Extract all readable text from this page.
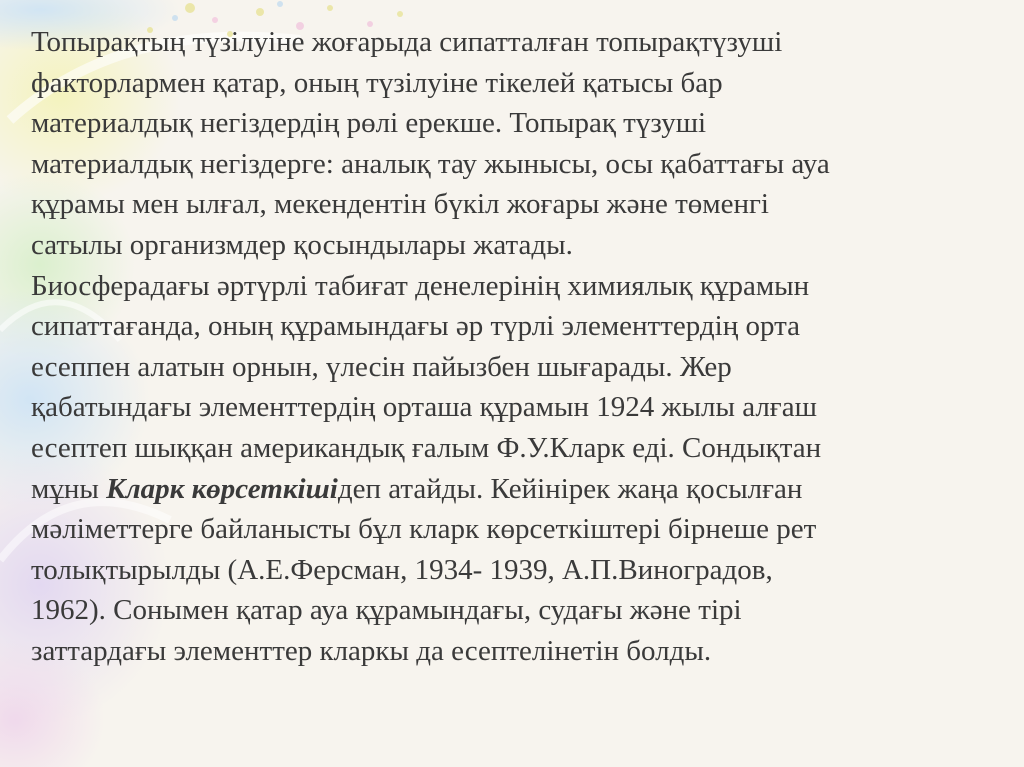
Топырақтың түзілуіне жоғарыда сипатталған топырақтүзуші
факторлармен қатар, оның түзілуіне тікелей қатысы бар
материалдық негіздердің рөлі ерекше. Топырақ түзуші
материалдық негіздерге: аналық тау жынысы, осы қабаттағы ауа
құрамы мен ылғал, мекендентін бүкіл жоғары және төменгі
сатылы организмдер қосындылары жатады.
Биосферадағы әртүрлі табиғат денелерінің химиялық құрамын
сипаттағанда, оның құрамындағы әр түрлі элементтердің орта
есеппен алатын орнын, үлесін пайызбен шығарады. Жер
қабатындағы элементтердің орташа құрамын 1924 жылы алғаш
есептеп шыққан американдық ғалым Ф.У.Кларк еді. Сондықтан
мұны Кларк көрсеткішідеп атайды. Кейінірек жаңа қосылған
мәліметтерге байланысты бұл кларк көрсеткіштері бірнеше рет
толықтырылды (А.Е.Ферсман, 1934- 1939, А.П.Виноградов,
1962). Сонымен қатар ауа құрамындағы, судағы және тірі
заттардағы элементтер кларкы да есептелінетін болды.
